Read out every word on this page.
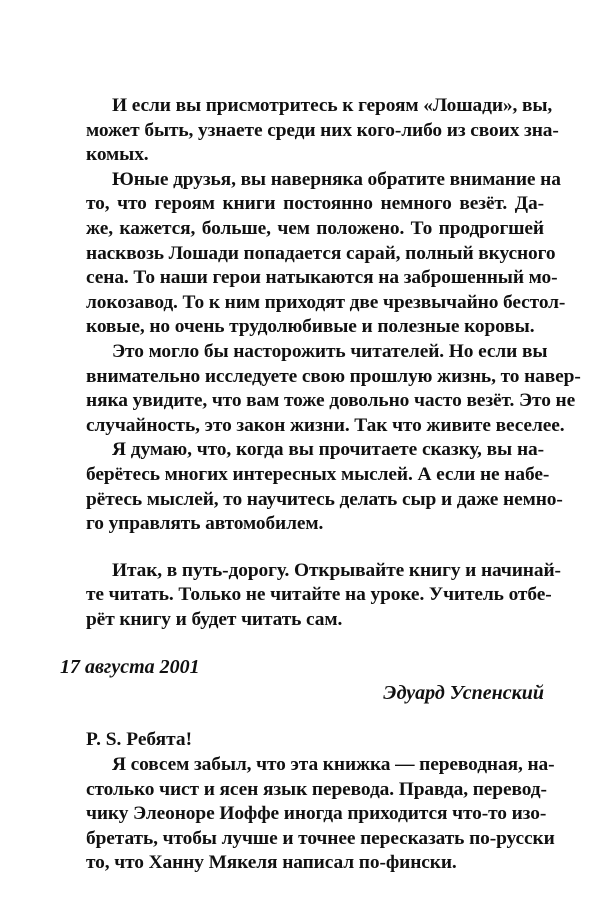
И если вы присмотритесь к героям «Лошади», вы,
может быть, узнаете среди них кого-либо из своих зна-
комых.

Юные друзья, вы наверняка обратите внимание на
то, что героям книги постоянно немного везёт. Да-
же, кажется, больше, чем положено. То продрогшей
насквозь Лошади попадается сарай, полный вкусного
сена. То наши герои натыкаются на заброшенный мо-
локозавод. То к ним приходят две чрезвычайно бестол-
ковые, но очень трудолюбивые и полезные коровы.

Это могло бы насторожить читателей. Но если вы
внимательно исследуете свою прошлую жизнь, то навер-
няка увидите, что вам тоже довольно часто везёт. Это не
случайность, это закон жизни. Так что живите веселее.

Я думаю, что, когда вы прочитаете сказку, вы на-
берётесь многих интересных мыслей. А если не набе-
рётесь мыслей, то научитесь делать сыр и даже немно-
го управлять автомобилем.

Итак, в путь-дорогу. Открывайте книгу и начинай-
те читать. Только не читайте на уроке. Учитель отбе-
рёт книгу и будет читать сам.

17 августа 2001

Эдуард Успенский

P. S. Ребята!

Я совсем забыл, что эта книжка — переводная, на-
столько чист и ясен язык перевода. Правда, перевод-
чику Элеоноре Иоффе иногда приходится что-то изо-
бретать, чтобы лучше и точнее пересказать по-русски
то, что Ханну Мякеля написал по-фински.
